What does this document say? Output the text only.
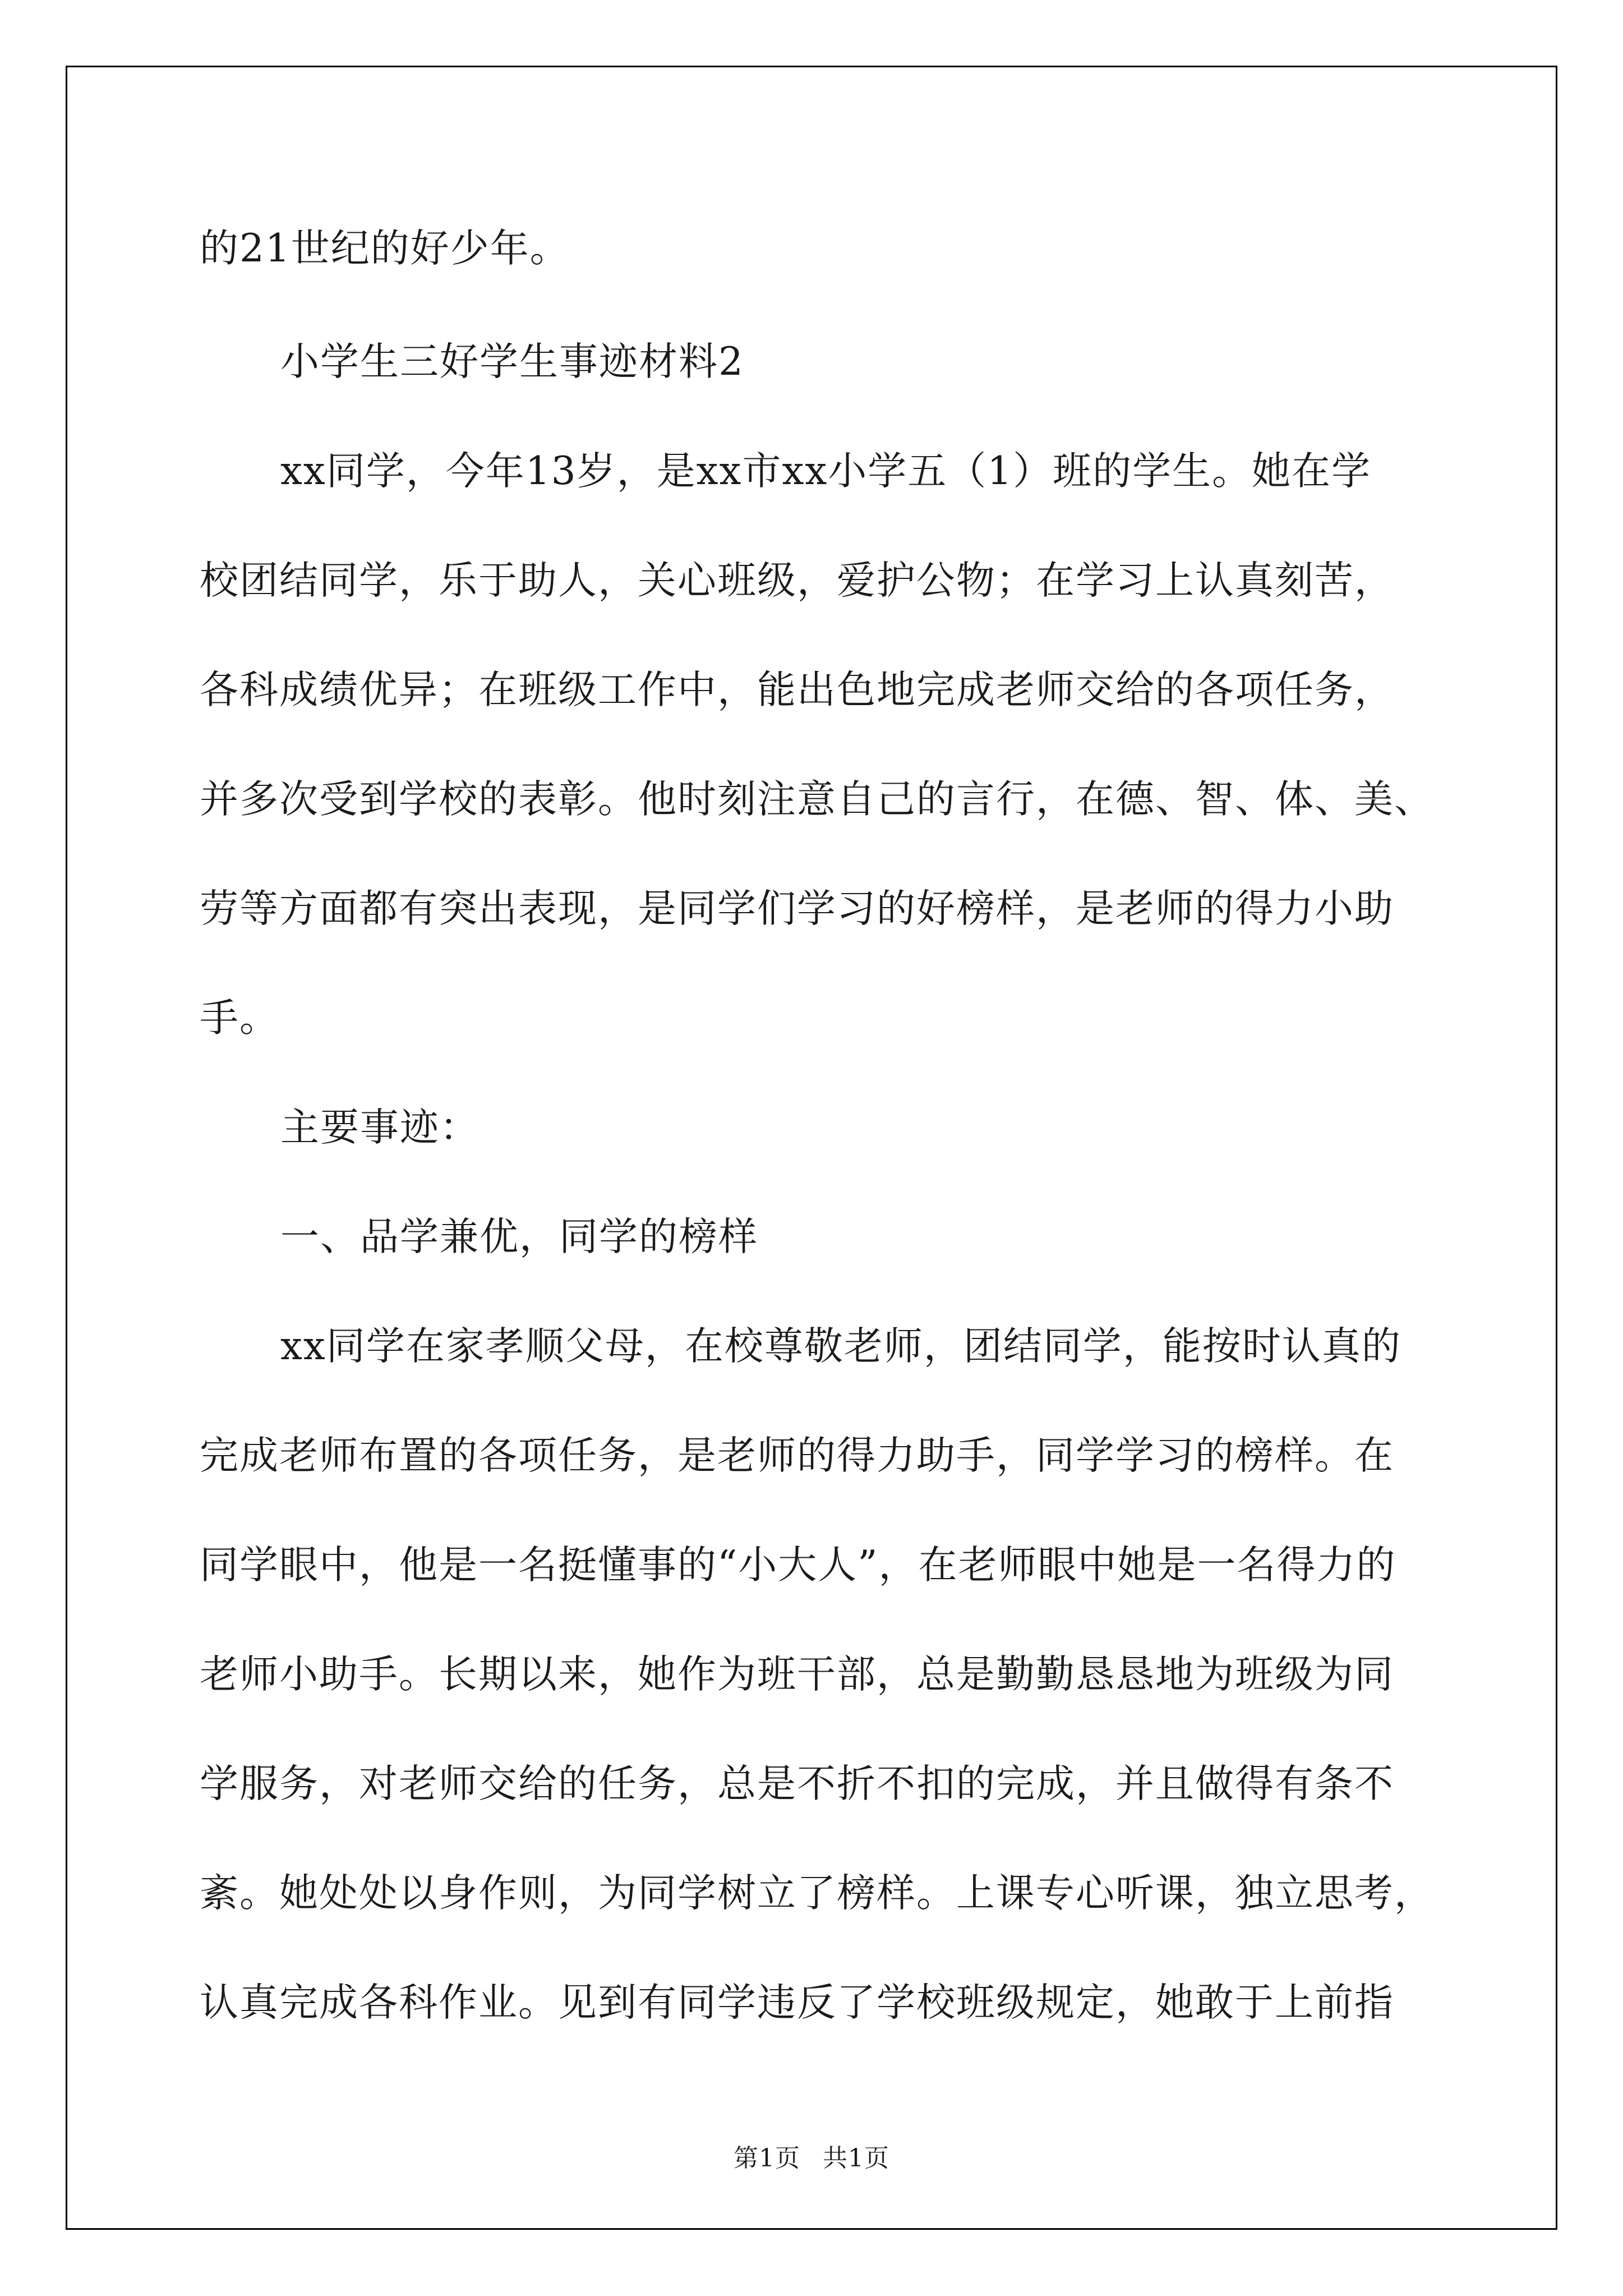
的21世纪的好少年。
小学生三好学生事迹材料2
xx同学，今年13岁，是xx市xx小学五（1）班的学生。她在学
校团结同学，乐于助人，关心班级，爱护公物；在学习上认真刻苦，
各科成绩优异；在班级工作中，能出色地完成老师交给的各项任务，
并多次受到学校的表彰。他时刻注意自己的言行，在德、智、体、美、
劳等方面都有突出表现，是同学们学习的好榜样，是老师的得力小助
手。
主要事迹：
一、品学兼优，同学的榜样
xx同学在家孝顺父母，在校尊敬老师，团结同学，能按时认真的
完成老师布置的各项任务，是老师的得力助手，同学学习的榜样。在
同学眼中，他是一名挺懂事的“小大人”，在老师眼中她是一名得力的
老师小助手。长期以来，她作为班干部，总是勤勤恳恳地为班级为同
学服务，对老师交给的任务，总是不折不扣的完成，并且做得有条不
紊。她处处以身作则，为同学树立了榜样。上课专心听课，独立思考，
认真完成各科作业。见到有同学违反了学校班级规定，她敢于上前指
第1页 共1页
